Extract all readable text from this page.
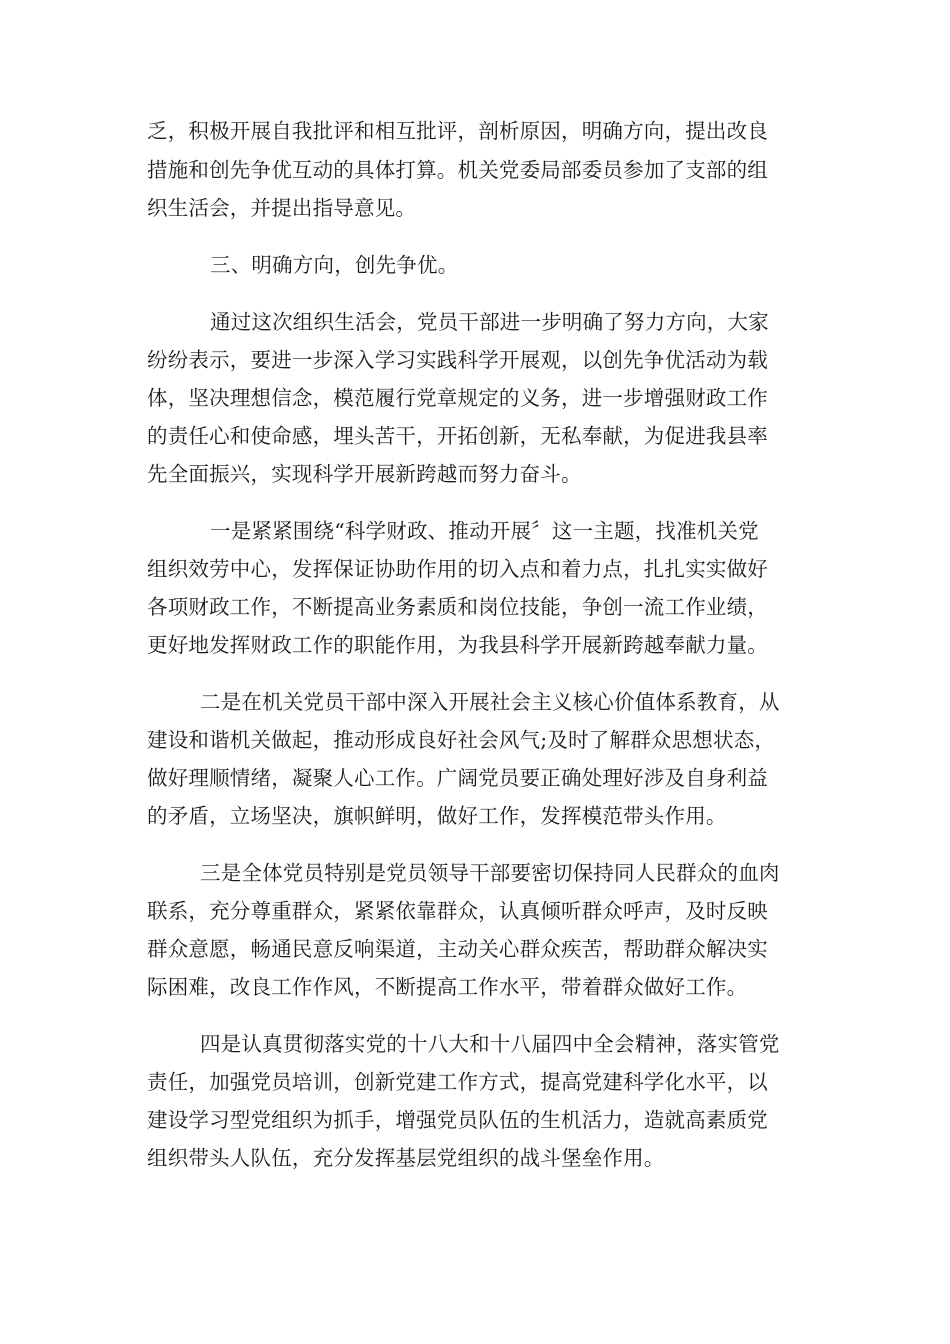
乏，积极开展自我批评和相互批评，剖析原因，明确方向，提出改良
措施和创先争优互动的具体打算。机关党委局部委员参加了支部的组
织生活会，并提出指导意见。
三、明确方向，创先争优。
通过这次组织生活会，党员干部进一步明确了努力方向，大家
纷纷表示，要进一步深入学习实践科学开展观，以创先争优活动为载
体，坚决理想信念，模范履行党章规定的义务，进一步增强财政工作
的责任心和使命感，埋头苦干，开拓创新，无私奉献，为促进我县率
先全面振兴，实现科学开展新跨越而努力奋斗。
一是紧紧围绕“科学财政、推动开展〞这一主题，找准机关党
组织效劳中心，发挥保证协助作用的切入点和着力点，扎扎实实做好
各项财政工作，不断提高业务素质和岗位技能，争创一流工作业绩，
更好地发挥财政工作的职能作用，为我县科学开展新跨越奉献力量。
二是在机关党员干部中深入开展社会主义核心价值体系教育，从
建设和谐机关做起，推动形成良好社会风气;及时了解群众思想状态，
做好理顺情绪，凝聚人心工作。广阔党员要正确处理好涉及自身利益
的矛盾，立场坚决，旗帜鲜明，做好工作，发挥模范带头作用。
三是全体党员特别是党员领导干部要密切保持同人民群众的血肉
联系，充分尊重群众，紧紧依靠群众，认真倾听群众呼声，及时反映
群众意愿，畅通民意反响渠道，主动关心群众疾苦，帮助群众解决实
际困难，改良工作作风，不断提高工作水平，带着群众做好工作。
四是认真贯彻落实党的十八大和十八届四中全会精神，落实管党
责任，加强党员培训，创新党建工作方式，提高党建科学化水平，以
建设学习型党组织为抓手，增强党员队伍的生机活力，造就高素质党
组织带头人队伍，充分发挥基层党组织的战斗堡垒作用。
